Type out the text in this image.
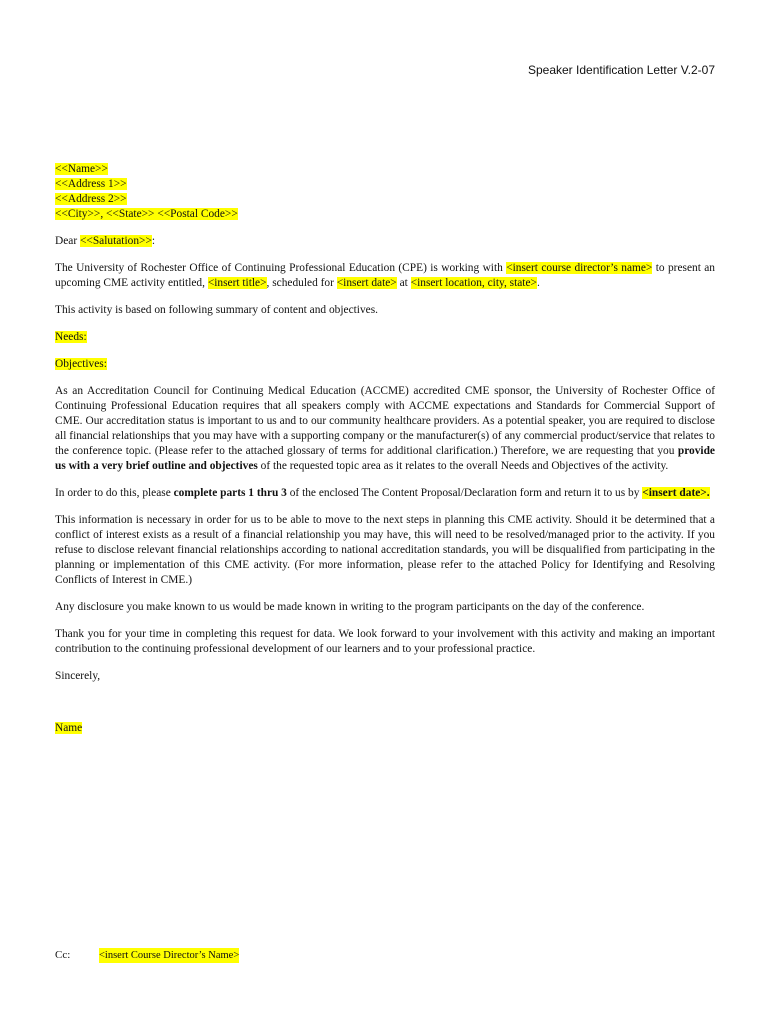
Speaker Identification Letter V.2-07
<<Name>>
<<Address 1>>
<<Address 2>>
<<City>>, <<State>> <<Postal Code>>

Dear <<Salutation>>:

The University of Rochester Office of Continuing Professional Education (CPE) is working with <insert course director’s name> to present an upcoming CME activity entitled, <insert title>, scheduled for <insert date> at <insert location, city, state>.

This activity is based on following summary of content and objectives.

Needs:

Objectives:

As an Accreditation Council for Continuing Medical Education (ACCME) accredited CME sponsor, the University of Rochester Office of Continuing Professional Education requires that all speakers comply with ACCME expectations and Standards for Commercial Support of CME. Our accreditation status is important to us and to our community healthcare providers. As a potential speaker, you are required to disclose all financial relationships that you may have with a supporting company or the manufacturer(s) of any commercial product/service that relates to the conference topic. (Please refer to the attached glossary of terms for additional clarification.) Therefore, we are requesting that you provide us with a very brief outline and objectives of the requested topic area as it relates to the overall Needs and Objectives of the activity.

In order to do this, please complete parts 1 thru 3 of the enclosed The Content Proposal/Declaration form and return it to us by <insert date>.

This information is necessary in order for us to be able to move to the next steps in planning this CME activity. Should it be determined that a conflict of interest exists as a result of a financial relationship you may have, this will need to be resolved/managed prior to the activity. If you refuse to disclose relevant financial relationships according to national accreditation standards, you will be disqualified from participating in the planning or implementation of this CME activity. (For more information, please refer to the attached Policy for Identifying and Resolving Conflicts of Interest in CME.)

Any disclosure you make known to us would be made known in writing to the program participants on the day of the conference.

Thank you for your time in completing this request for data. We look forward to your involvement with this activity and making an important contribution to the continuing professional development of our learners and to your professional practice.

Sincerely,

Name

Cc:	<insert Course Director’s Name>
